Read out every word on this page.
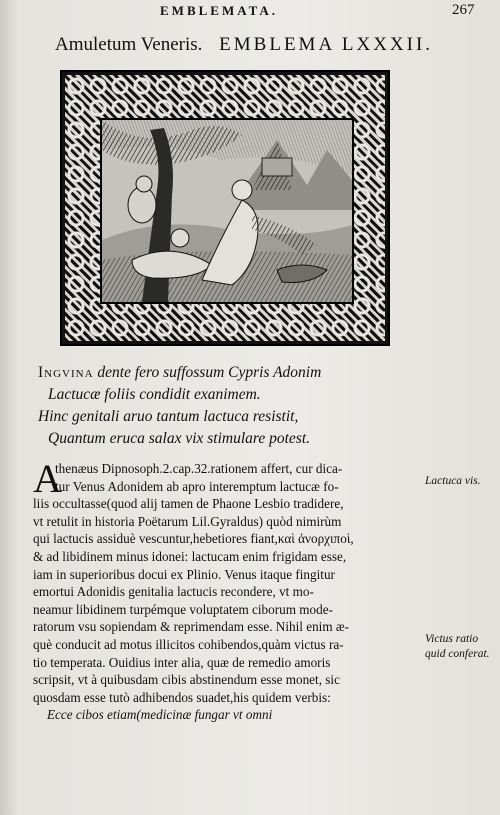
EMBLEMATA.	267
Amuletum Veneris. EMBLEMA LXXXII.
Ingvina dente fero suffossum Cypris Adonim
Lactucæ foliis condidit exanimem.
Hinc genitali aruo tantum lactuca resistit,
Quantum eruca salax vix stimulare potest.
A
thenæus Dipnosoph.2.cap.32.rationem affert, cur dica-
tur Venus Adonidem ab apro interemptum lactucæ fo-
liis occultasse(quod alij tamen de Phaone Lesbio tradidere,
vt retulit in historia Poëtarum Lil.Gyraldus) quòd nimirùm
qui lactucis assiduè vescuntur,hebetiores fiant,καὶ ἀνορχιποὶ,
& ad libidinem minus idonei: lactucam enim frigidam esse,
iam in superioribus docui ex Plinio. Venus itaque fingitur
emortui Adonidis genitalia lactucis recondere, vt mo-
neamur libidinem turpémque voluptatem ciborum mode-
ratorum vsu sopiendam & reprimendam esse. Nihil enim æ-
què conducit ad motus illicitos cohibendos,quàm victus ra-
tio temperata. Ouidius inter alia, quæ de remedio amoris
scripsit, vt à quibusdam cibis abstinendum esse monet, sic
quosdam esse tutò adhibendos suadet,his quidem verbis:
Ecce cibos etiam(medicinæ fungar vt omni
Lactuca vis.
Victus ratio quid conferat.
